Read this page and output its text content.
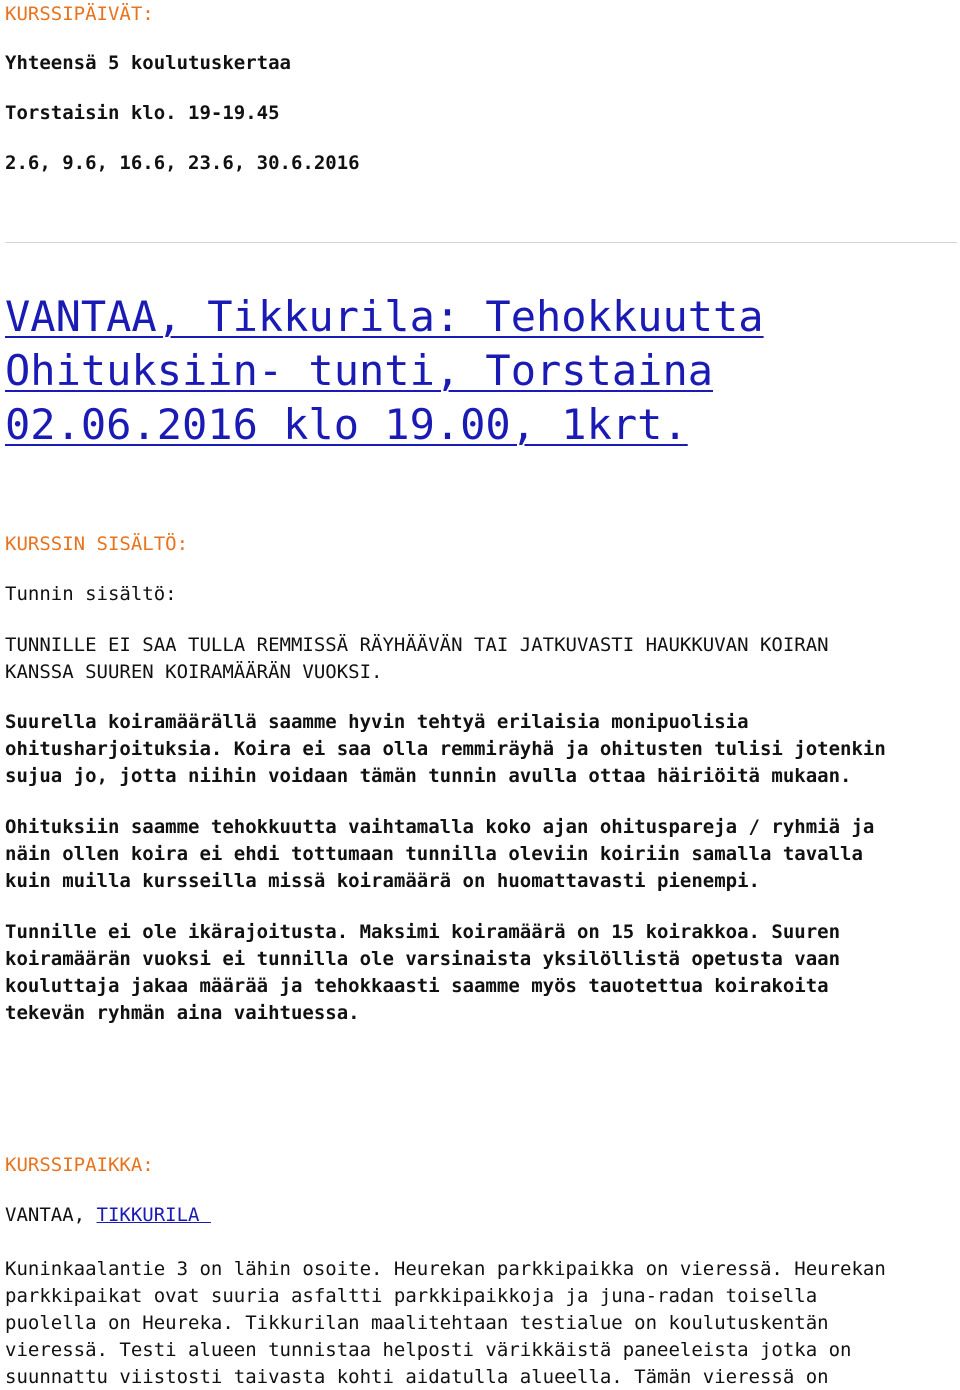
KURSSIPÄIVÄT:
Yhteensä 5 koulutuskertaa
Torstaisin klo. 19-19.45
2.6, 9.6, 16.6, 23.6, 30.6.2016
VANTAA, Tikkurila: Tehokkuutta
Ohituksiin- tunti, Torstaina
02.06.2016 klo 19.00, 1krt.
KURSSIN SISÄLTÖ:
Tunnin sisältö:
TUNNILLE EI SAA TULLA REMMISSÄ RÄYHÄÄVÄN TAI JATKUVASTI HAUKKUVAN KOIRAN
KANSSA SUUREN KOIRAMÄÄRÄN VUOKSI.
Suurella koiramäärällä saamme hyvin tehtyä erilaisia monipuolisia
ohitusharjoituksia. Koira ei saa olla remmiräyhä ja ohitusten tulisi jotenkin
sujua jo, jotta niihin voidaan tämän tunnin avulla ottaa häiriöitä mukaan.
Ohituksiin saamme tehokkuutta vaihtamalla koko ajan ohituspareja / ryhmiä ja
näin ollen koira ei ehdi tottumaan tunnilla oleviin koiriin samalla tavalla
kuin muilla kursseilla missä koiramäärä on huomattavasti pienempi.
Tunnille ei ole ikärajoitusta. Maksimi koiramäärä on 15 koirakkoa. Suuren
koiramäärän vuoksi ei tunnilla ole varsinaista yksilöllistä opetusta vaan
kouluttaja jakaa määrää ja tehokkaasti saamme myös tauotettua koirakoita
tekevän ryhmän aina vaihtuessa.
KURSSIPAIKKA:
VANTAA, TIKKURILA
Kuninkaalantie 3 on lähin osoite. Heurekan parkkipaikka on vieressä. Heurekan
parkkipaikat ovat suuria asfaltti parkkipaikkoja ja juna-radan toisella
puolella on Heureka. Tikkurilan maalitehtaan testialue on koulutuskentän
vieressä. Testi alueen tunnistaa helposti värikkäistä paneeleista jotka on
suunnattu viistosti taivasta kohti aidatulla alueella. Tämän vieressä on
